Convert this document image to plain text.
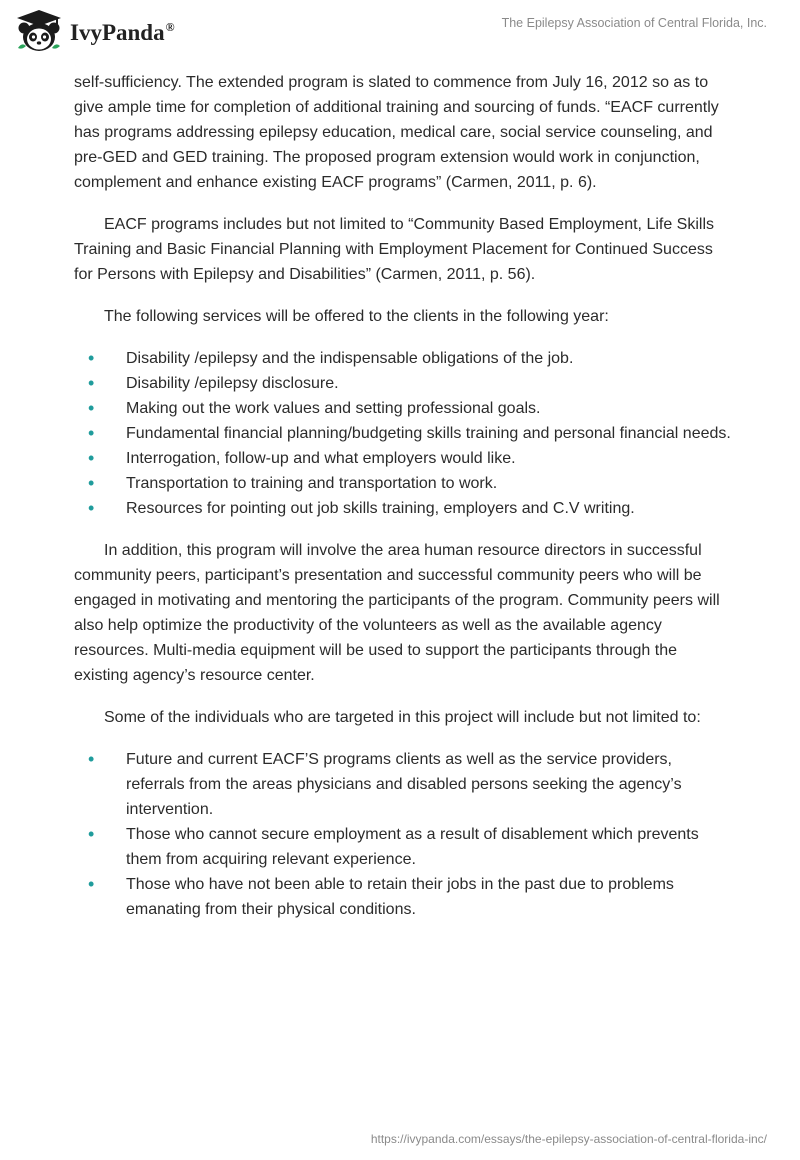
IvyPanda®	The Epilepsy Association of Central Florida, Inc.

self-sufficiency. The extended program is slated to commence from July 16, 2012 so as to give ample time for completion of additional training and sourcing of funds. “EACF currently has programs addressing epilepsy education, medical care, social service counseling, and pre-GED and GED training. The proposed program extension would work in conjunction, complement and enhance existing EACF programs” (Carmen, 2011, p. 6).

EACF programs includes but not limited to “Community Based Employment, Life Skills Training and Basic Financial Planning with Employment Placement for Continued Success for Persons with Epilepsy and Disabilities” (Carmen, 2011, p. 56).

The following services will be offered to the clients in the following year:

• Disability /epilepsy and the indispensable obligations of the job.
• Disability /epilepsy disclosure.
• Making out the work values and setting professional goals.
• Fundamental financial planning/budgeting skills training and personal financial needs.
• Interrogation, follow-up and what employers would like.
• Transportation to training and transportation to work.
• Resources for pointing out job skills training, employers and C.V writing.

In addition, this program will involve the area human resource directors in successful community peers, participant’s presentation and successful community peers who will be engaged in motivating and mentoring the participants of the program. Community peers will also help optimize the productivity of the volunteers as well as the available agency resources. Multi-media equipment will be used to support the participants through the existing agency’s resource center.

Some of the individuals who are targeted in this project will include but not limited to:

• Future and current EACF’S programs clients as well as the service providers, referrals from the areas physicians and disabled persons seeking the agency’s intervention.
• Those who cannot secure employment as a result of disablement which prevents them from acquiring relevant experience.
• Those who have not been able to retain their jobs in the past due to problems emanating from their physical conditions.
https://ivypanda.com/essays/the-epilepsy-association-of-central-florida-inc/
